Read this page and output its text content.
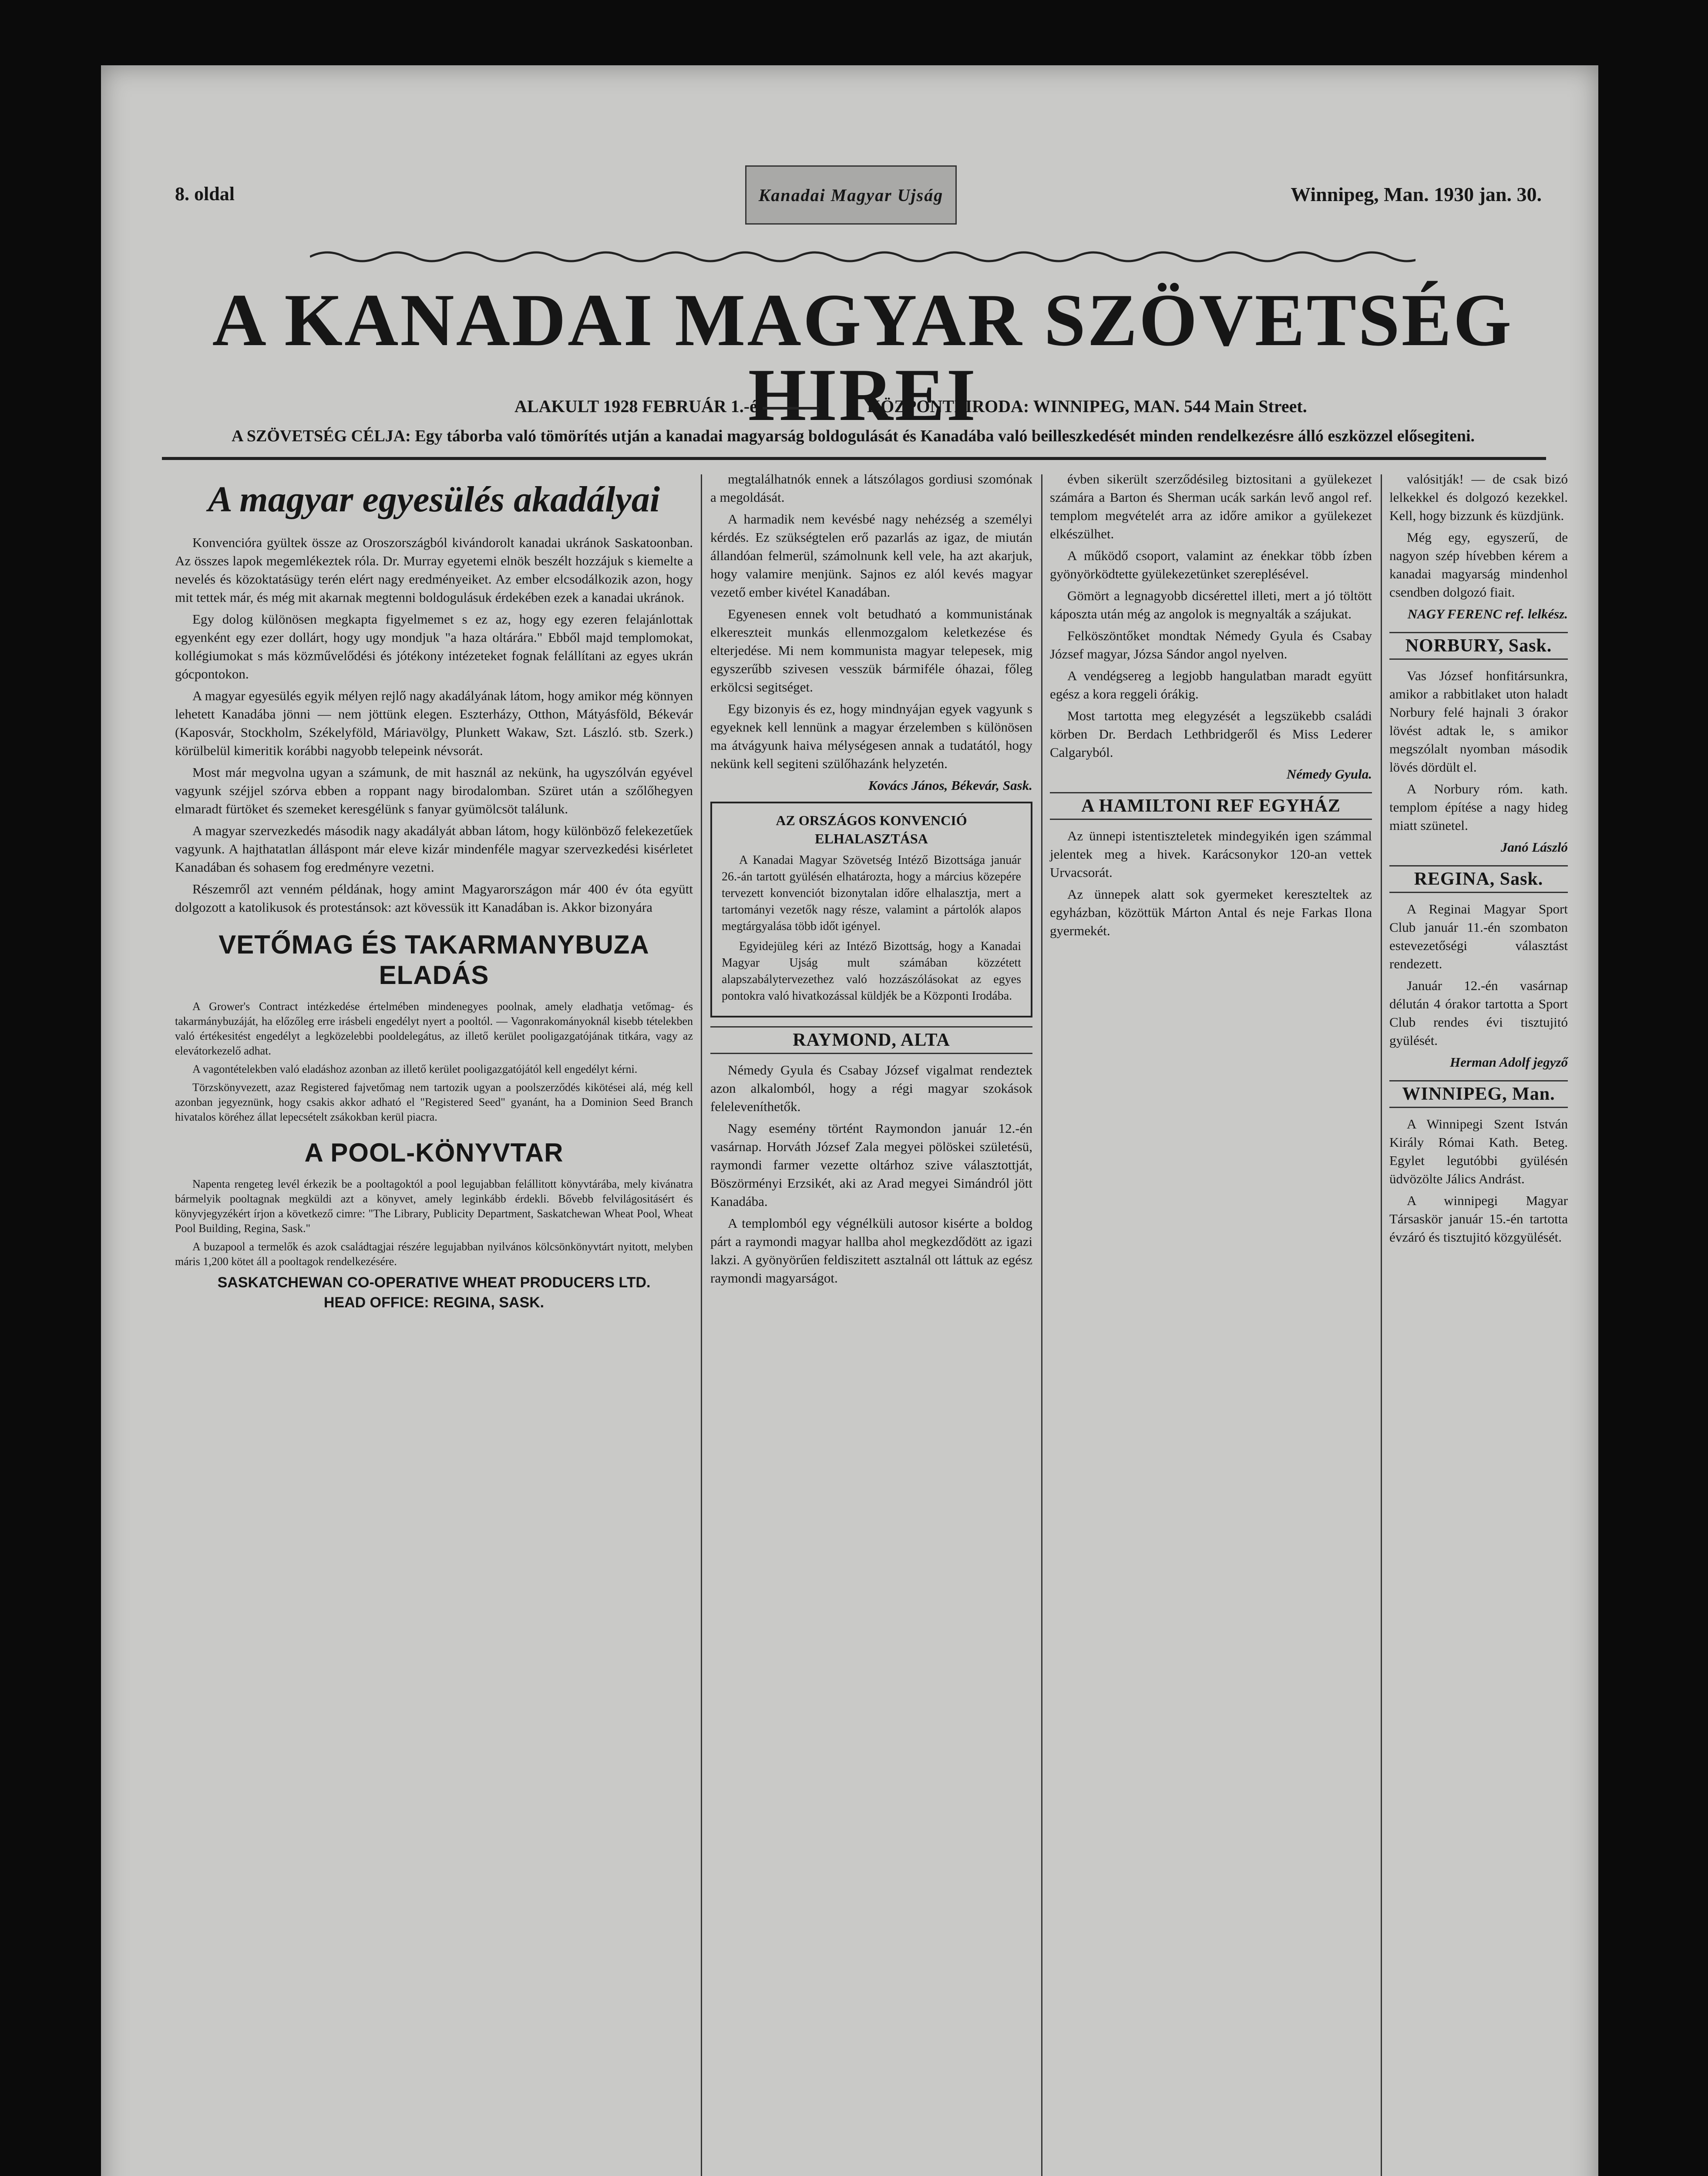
8. oldal	Kanadai Magyar Ujság	Winnipeg, Man. 1930 jan. 30.
A KANADAI MAGYAR SZÖVETSÉG HIREI
ALAKULT 1928 FEBRUÁR 1.-én	KÖZPONTI IRODA: WINNIPEG, MAN. 544 Main Street.
A SZÖVETSÉG CÉLJA: Egy táborba való tömörítés utján a kanadai magyarság boldogulását és Kanadába való beilleszkedését minden rendelkezésre álló eszközzel elősegiteni.
A magyar egyesülés akadályai

Konvencióra gyültek össze az Oroszországból kivándorolt kanadai ukránok Saskatoonban. Az összes lapok megemlékeztek róla. Dr. Murray egyetemi elnök beszélt hozzájuk s kiemelte a nevelés és közoktatásügy terén elért nagy eredményeiket. Az ember elcsodálkozik azon, hogy mit tettek már, és még mit akarnak megtenni boldogulásuk érdekében ezek a kanadai ukránok.

Egy dolog különösen megkapta figyelmemet s ez az, hogy egy ezeren felajánlottak egyenként egy ezer dollárt, hogy ugy mondjuk "a haza oltárára." Ebből majd templomokat, kollégiumokat s más közművelődési és jótékony intézeteket fognak felállítani az egyes ukrán gócpontokon.

A magyar egyesülés egyik mélyen rejlő nagy akadályának látom, hogy amikor még könnyen lehetett Kanadába jönni — nem jöttünk elegen. Eszterházy, Otthon, Mátyásföld, Békevár (Kaposvár, Stockholm, Székelyföld, Máriavölgy, Plunkett Wakaw, Szt. László. stb. Szerk.) körülbelül kimeritik korábbi nagyobb telepeink névsorát.

Most már megvolna ugyan a számunk, de mit használ az nekünk, ha ugyszólván egyével vagyunk széjjel szórva ebben a roppant nagy birodalomban. Szüret után a szőlőhegyen elmaradt fürtöket és szemeket keresgélünk s fanyar gyümölcsöt találunk.

A magyar szervezkedés második nagy akadályát abban látom, hogy különböző felekezetűek vagyunk. A hajthatatlan álláspont már eleve kizár mindenféle magyar szervezkedési kisérletet Kanadában és sohasem fog eredményre vezetni.

Részemről azt venném példának, hogy amint Magyarországon már 400 év óta együtt dolgozott a katolikusok és protestánsok: azt kövessük itt Kanadában is. Akkor bizonyára

VETŐMAG ÉS TAKARMANYBUZA ELADÁS

A Grower's Contract intézkedése értelmében mindenegyes poolnak, amely eladhatja vetőmag- és takarmánybuzáját, ha előzőleg erre irásbeli engedélyt nyert a pooltól. — Vagonrakományoknál kisebb tételekben való értékesitést engedélyt a legközelebbi pooldelegátus, az illető kerület pooligazgatójának titkára, vagy az elevátorkezelő adhat.

A vagontételekben való eladáshoz azonban az illető kerület pooligazgatójától kell engedélyt kérni.

Törzskönyvezett, azaz Registered fajvetőmag nem tartozik ugyan a poolszerződés kikötései alá, még kell azonban jegyeznünk, hogy csakis akkor adható el "Registered Seed" gyanánt, ha a Dominion Seed Branch hivatalos köréhez állat lepecsételt zsákokban kerül piacra.

A POOL-KÖNYVTAR

Napenta rengeteg levél érkezik be a pooltagoktól a pool legujabban felállitott könyvtárába, mely kivánatra bármelyik pooltagnak megküldi azt a könyvet, amely leginkább érdekli. Bővebb felvilágositásért és könyvjegyzékért írjon a következő cimre: "The Library, Publicity Department, Saskatchewan Wheat Pool, Wheat Pool Building, Regina, Sask."

A buzapool a termelők és azok családtagjai részére legujabban nyilvános kölcsönkönyvtárt nyitott, melyben máris 1,200 kötet áll a pooltagok rendelkezésére.

SASKATCHEWAN CO-OPERATIVE WHEAT PRODUCERS LTD.
HEAD OFFICE: REGINA, SASK.

megtalálhatnók ennek a látszólagos gordiusi szomónak a megoldását.

A harmadik nem kevésbé nagy nehézség a személyi kérdés. Ez szükségtelen erő pazarlás az igaz, de miután állandóan felmerül, számolnunk kell vele, ha azt akarjuk, hogy valamire menjünk. Sajnos ez alól kevés magyar vezető ember kivétel Kanadában.

Egyenesen ennek volt betudható a kommunistának elkereszteit munkás ellenmozgalom keletkezése és elterjedése. Mi nem kommunista magyar telepesek, mig egyszerűbb szivesen vesszük bármiféle óhazai, főleg erkölcsi segitséget.

Egy bizonyis és ez, hogy mindnyájan egyek vagyunk s egyeknek kell lennünk a magyar érzelemben s különösen ma átvágyunk haiva mélységesen annak a tudatától, hogy nekünk kell segiteni szülőhazánk helyzetén.

Kovács János, Békevár, Sask.
AZ ORSZÁGOS KONVENCIÓ ELHALASZTÁSA

A Kanadai Magyar Szövetség Intéző Bizottsága január 26.-án tartott gyülésén elhatározta, hogy a március közepére tervezett konvenciót bizonytalan időre elhalasztja, mert a tartományi vezetők nagy része, valamint a pártolók alapos megtárgyalása több időt igényel.

Egyidejüleg kéri az Intéző Bizottság, hogy a Kanadai Magyar Ujság mult számában közzétett alapszabálytervezethez való hozzászólásokat az egyes pontokra való hivatkozással küldjék be a Központi Irodába.

RAYMOND, ALTA

Némedy Gyula és Csabay József vigalmat rendeztek azon alkalomból, hogy a régi magyar szokások feleleveníthetők.

Nagy esemény történt Raymondon január 12.-én vasárnap. Horváth József Zala megyei pölöskei születésü, raymondi farmer vezette oltárhoz szive választottját, Böszörményi Erzsikét, aki az Arad megyei Simándról jött Kanadába.

A templomból egy végnélküli autosor kisérte a boldog párt a raymondi magyar hallba ahol megkezdődött az igazi lakzi. A gyönyörűen feldiszitett asztalnál ott láttuk az egész raymondi magyarságot.

évben sikerült szerződésileg biztositani a gyülekezet számára a Barton és Sherman ucák sarkán levő angol ref. templom megvételét arra az időre amikor a gyülekezet elkészülhet.

A működő csoport, valamint az énekkar több ízben gyönyörködtette gyülekezetünket szereplésével.

Gömört a legnagyobb dicsérettel illeti, mert a jó töltött káposzta után még az angolok is megnyalták a szájukat.

Felköszöntőket mondtak Némedy Gyula és Csabay József magyar, Józsa Sándor angol nyelven.

A vendégsereg a legjobb hangulatban maradt együtt egész a kora reggeli órákig.

Most tartotta meg elegyzését a legszükebb családi körben Dr. Berdach Lethbridgeről és Miss Lederer Calgaryból.

Némedy Gyula.
A HAMILTONI REF EGYHÁZ

Az ünnepi istentiszteletek mindegyikén igen számmal jelentek meg a hivek. Karácsonykor 120-an vettek Urvacsorát.

Az ünnepek alatt sok gyermeket kereszteltek az egyházban, közöttük Márton Antal és neje Farkas Ilona gyermekét.

valósitják! — de csak bizó lelkekkel és dolgozó kezekkel. Kell, hogy bizzunk és küzdjünk.

Még egy, egyszerű, de nagyon szép hívebben kérem a kanadai magyarság mindenhol csendben dolgozó fiait.

NAGY FERENC ref. lelkész.
NORBURY, Sask.

Vas József honfitársunkra, amikor a rabbitlaket uton haladt Norbury felé hajnali 3 órakor lövést adtak le, s amikor megszólalt nyomban második lövés dördült el.

A Norbury róm. kath. templom építése a nagy hideg miatt szünetel.

Janó László
REGINA, Sask.

A Reginai Magyar Sport Club január 11.-én szombaton estevezetőségi választást rendezett.

Január 12.-én vasárnap délután 4 órakor tartotta a Sport Club rendes évi tisztujitó gyülését.

Herman Adolf jegyző
WINNIPEG, Man.

A Winnipegi Szent István Király Római Kath. Beteg. Egylet legutóbbi gyülésén üdvözölte Jálics Andrást.

A winnipegi Magyar Társaskör január 15.-én tartotta évzáró és tisztujitó közgyülését.
